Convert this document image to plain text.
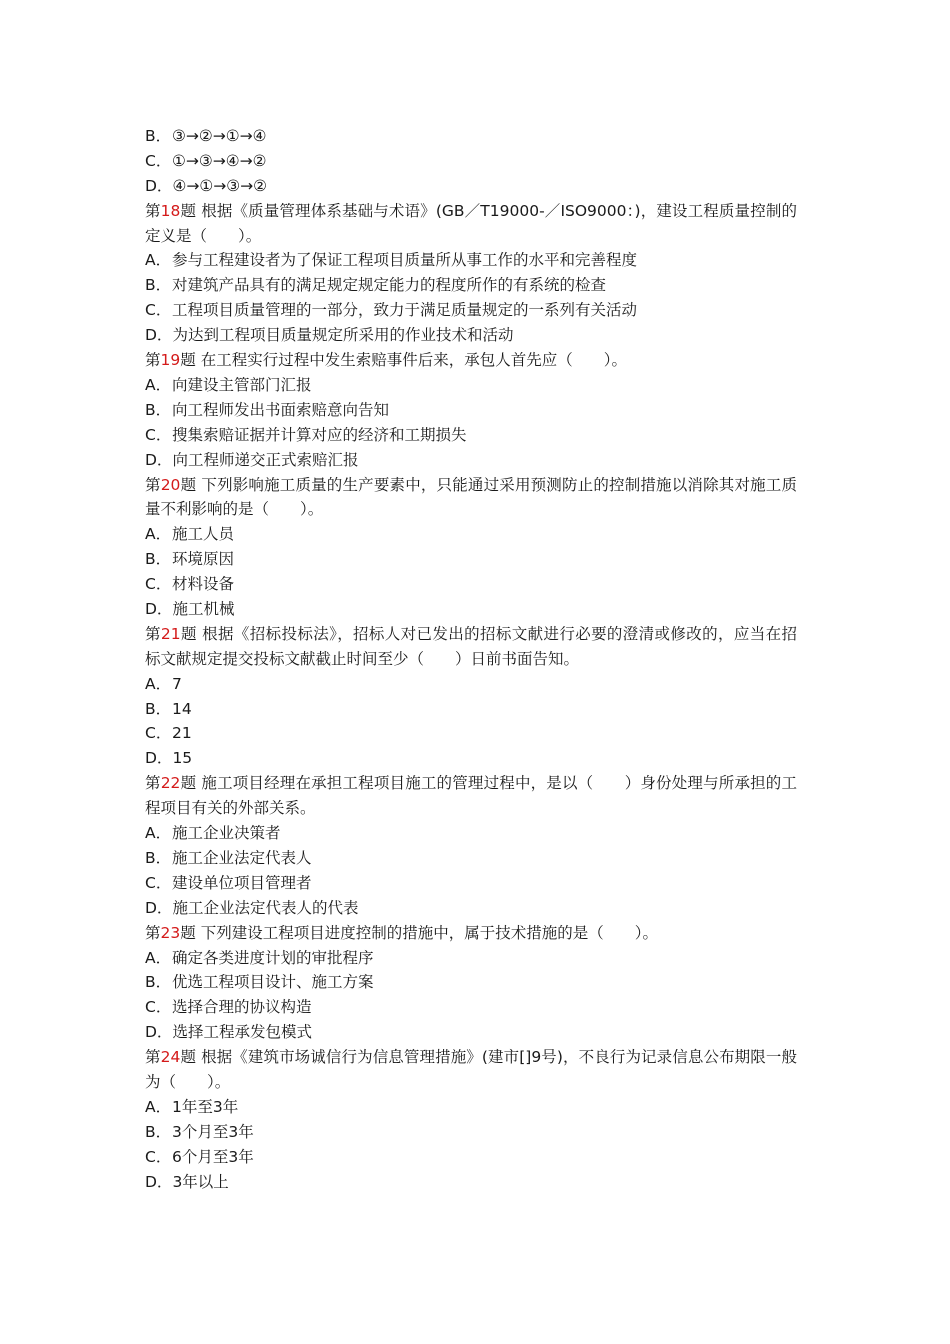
B．③→②→①→④
C．①→③→④→②
D．④→①→③→②
第18题 根据《质量管理体系基础与术语》(GB／T19000-／ISO9000：)，建设工程质量控制的定义是（　　）。
A．参与工程建设者为了保证工程项目质量所从事工作的水平和完善程度
B．对建筑产品具有的满足规定规定能力的程度所作的有系统的检查
C．工程项目质量管理的一部分，致力于满足质量规定的一系列有关活动
D．为达到工程项目质量规定所采用的作业技术和活动
第19题 在工程实行过程中发生索赔事件后来，承包人首先应（　　）。
A．向建设主管部门汇报
B．向工程师发出书面索赔意向告知
C．搜集索赔证据并计算对应的经济和工期损失
D．向工程师递交正式索赔汇报
第20题 下列影响施工质量的生产要素中，只能通过采用预测防止的控制措施以消除其对施工质量不利影响的是（　　）。
A．施工人员
B．环境原因
C．材料设备
D．施工机械
第21题 根据《招标投标法》，招标人对已发出的招标文献进行必要的澄清或修改的，应当在招标文献规定提交投标文献截止时间至少（　　）日前书面告知。
A．7
B．14
C．21
D．15
第22题 施工项目经理在承担工程项目施工的管理过程中，是以（　　）身份处理与所承担的工程项目有关的外部关系。
A．施工企业决策者
B．施工企业法定代表人
C．建设单位项目管理者
D．施工企业法定代表人的代表
第23题 下列建设工程项目进度控制的措施中，属于技术措施的是（　　）。
A．确定各类进度计划的审批程序
B．优选工程项目设计、施工方案
C．选择合理的协议构造
D．选择工程承发包模式
第24题 根据《建筑市场诚信行为信息管理措施》(建市[]9号)，不良行为记录信息公布期限一般为（　　）。
A．1年至3年
B．3个月至3年
C．6个月至3年
D．3年以上
